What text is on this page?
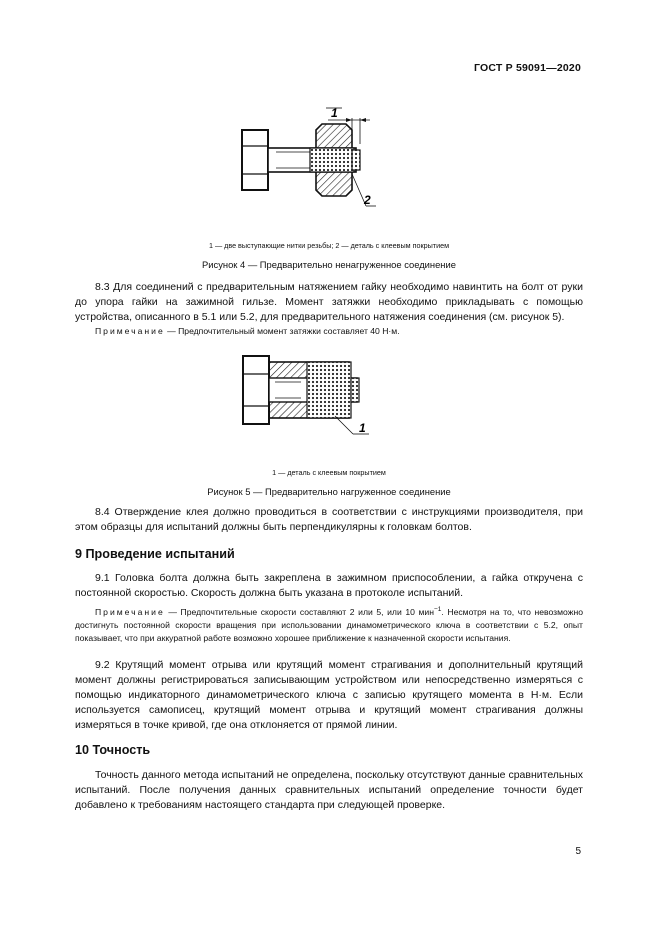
ГОСТ Р 59091—2020
1
2
1 — две выступающие нитки резьбы; 2 — деталь с клеевым покрытием
Рисунок 4 — Предварительно ненагруженное соединение
8.3 Для соединений с предварительным натяжением гайку необходимо навинтить на болт от руки до упора гайки на зажимной гильзе. Момент затяжки необходимо прикладывать с помощью устройства, описанного в 5.1 или 5.2, для предварительного натяжения соединения (см. рисунок 5).
Примечание — Предпочтительный момент затяжки составляет 40 Н·м.
1
1 — деталь с клеевым покрытием
Рисунок 5 — Предварительно нагруженное соединение
8.4 Отверждение клея должно проводиться в соответствии с инструкциями производителя, при этом образцы для испытаний должны быть перпендикулярны к головкам болтов.
9 Проведение испытаний
9.1 Головка болта должна быть закреплена в зажимном приспособлении, а гайка откручена с постоянной скоростью. Скорость должна быть указана в протоколе испытаний.
Примечание — Предпочтительные скорости составляют 2 или 5, или 10 мин$^{-1}$. Несмотря на то, что невозможно достигнуть постоянной скорости вращения при использовании динамометрического ключа в соответствии с 5.2, опыт показывает, что при аккуратной работе возможно хорошее приближение к назначенной скорости испытания.
9.2 Крутящий момент отрыва или крутящий момент страгивания и дополнительный крутящий момент должны регистрироваться записывающим устройством или непосредственно измеряться с помощью индикаторного динамометрического ключа с записью крутящего момента в Н·м. Если используется самописец, крутящий момент отрыва и крутящий момент страгивания должны измеряться в точке кривой, где она отклоняется от прямой линии.
10 Точность
Точность данного метода испытаний не определена, поскольку отсутствуют данные сравнительных испытаний. После получения данных сравнительных испытаний определение точности будет добавлено к требованиям настоящего стандарта при следующей проверке.
5
